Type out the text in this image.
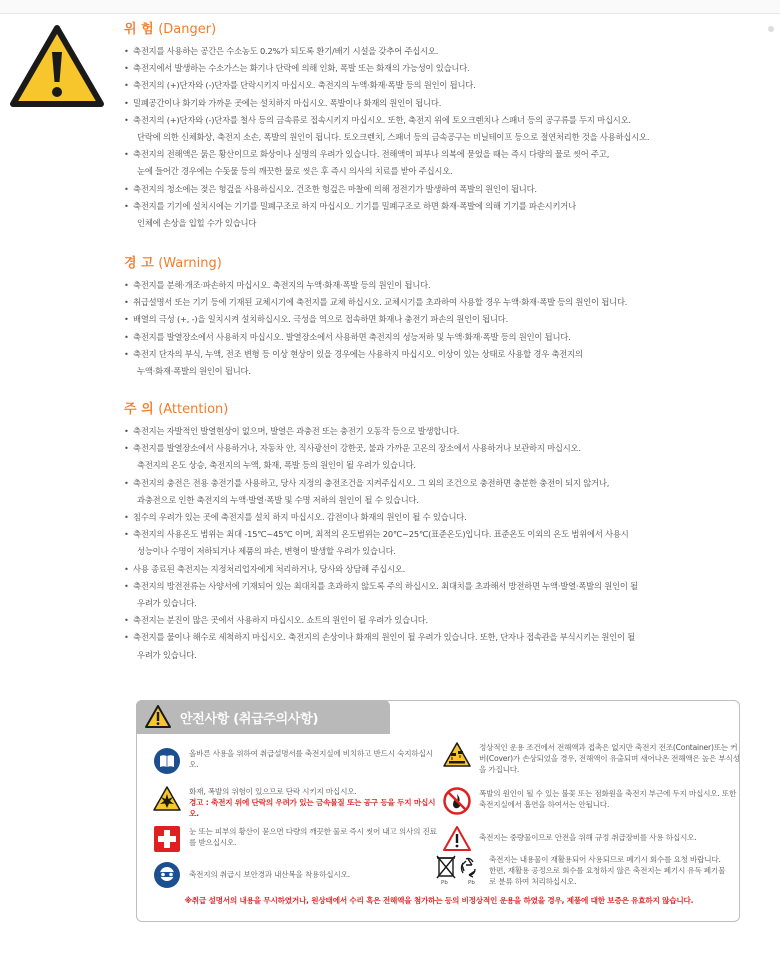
위 험 (Danger)
• 축전지를 사용하는 공간은 수소농도 0.2%가 되도록 환기/배기 시설을 갖추어 주십시오.
• 축전지에서 발생하는 수소가스는 화기나 단락에 의해 인화, 폭발 또는 화재의 가능성이 있습니다.
• 축전지의 (+)단자와 (-)단자를 단락시키지 마십시오. 축전지의 누액·화재·폭발 등의 원인이 됩니다.
• 밀폐공간이나 화기와 가까운 곳에는 설치하지 마십시오. 폭발이나 화재의 원인이 됩니다.
• 축전지의 (+)단자와 (-)단자를 철사 등의 금속류로 접속시키지 마십시오. 또한, 축전지 위에 토오크렌치나 스패너 등의 공구류를 두지 마십시오.
단락에 의한 신체화상, 축전지 소손, 폭발의 원인이 됩니다. 토오크렌치, 스패너 등의 금속공구는 비닐테이프 등으로 절연처리한 것을 사용하십시오.
• 축전지의 전해액은 묽은 황산이므로 화상이나 실명의 우려가 있습니다. 전해액이 피부나 의복에 묻었을 때는 즉시 다량의 물로 씻어 주고,
눈에 들어간 경우에는 수돗물 등의 깨끗한 물로 씻은 후 즉시 의사의 치료를 받아 주십시오.
• 축전지의 청소에는 젖은 헝겊을 사용하십시오. 건조한 헝겊은 마찰에 의해 정전기가 발생하여 폭발의 원인이 됩니다.
• 축전지를 기기에 설치시에는 기기를 밀폐구조로 하지 마십시오. 기기를 밀폐구조로 하면 화재·폭발에 의해 기기를 파손시키거나
인체에 손상을 입힐 수가 있습니다
경 고 (Warning)
• 축전지를 분해·개조·파손하지 마십시오. 축전지의 누액·화재·폭발 등의 원인이 됩니다.
• 취급설명서 또는 기기 등에 기재된 교체시기에 축전지를 교체 하십시오. 교체시기를 초과하여 사용할 경우 누액·화재·폭발 등의 원인이 됩니다.
• 배열의 극성 (+, -)을 일치시켜 설치하십시오. 극성을 역으로 접속하면 화재나 충전기 파손의 원인이 됩니다.
• 축전지를 발열장소에서 사용하지 마십시오. 발열장소에서 사용하면 축전지의 성능저하 및 누액·화재·폭발 등의 원인이 됩니다.
• 축전지 단자의 부식, 누액, 전조 변형 등 이상 현상이 있을 경우에는 사용하지 마십시오. 이상이 있는 상태로 사용할 경우 축전지의
누액·화재·폭발의 원인이 됩니다.
주 의 (Attention)
• 축전지는 자발적인 발열현상이 없으며, 발열은 과충전 또는 충전기 오동작 등으로 발생합니다.
• 축전지를 발열장소에서 사용하거나, 자동차 안, 직사광선이 강한곳, 불과 가까운 고온의 장소에서 사용하거나 보관하지 마십시오.
축전지의 온도 상승, 축전지의 누액, 화재, 폭발 등의 원인이 될 우려가 있습니다.
• 축전지의 충전은 전용 충전기를 사용하고, 당사 지정의 충전조건을 지켜주십시오. 그 외의 조건으로 충전하면 충분한 충전이 되지 않거나,
과충전으로 인한 축전지의 누액·발열·폭발 및 수명 저하의 원인이 될 수 있습니다.
• 침수의 우려가 있는 곳에 축전지를 설치 하지 마십시오. 감전이나 화재의 원인이 될 수 있습니다.
• 축전지의 사용온도 범위는 최대 -15℃~45℃ 이며, 최적의 온도범위는 20℃~25℃(표준온도)입니다. 표준온도 이외의 온도 범위에서 사용시
성능이나 수명이 저하되거나 제품의 파손, 변형이 발생할 우려가 있습니다.
• 사용 종료된 축전지는 지정처리업자에게 처리하거나, 당사와 상담해 주십시오.
• 축전지의 방전전류는 사양서에 기재되어 있는 최대치를 초과하지 않도록 주의 하십시오. 최대치를 초과해서 방전하면 누액·발열·폭발의 원인이 될
우려가 있습니다.
• 축전지는 분진이 많은 곳에서 사용하지 마십시오. 쇼트의 원인이 될 우려가 있습니다.
• 축전지를 물이나 해수로 세척하지 마십시오. 축전지의 손상이나 화재의 원인이 될 우려가 있습니다. 또한, 단자나 접속관을 부식시키는 원인이 될
우려가 있습니다.
안전사항 (취급주의사항)
올바른 사용을 위하여 취급설명서를 축전지실에 비치하고 반드시 숙지하십시오.
정상적인 운용 조건에서 전해액과 접촉은 없지만 축전지 전조(Container)또는 커버(Cover)가 손상되었을 경우, 전해액이 유출되며 새어나온 전해액은 높은 부식성을 가집니다.
화재, 폭발의 위험이 있으므로 단락 시키지 마십시오.
경고 : 축전지 위에 단락의 우려가 있는 금속물질 또는 공구 등을 두지 마십시오.
폭발의 원인이 될 수 있는 불꽃 또는 점화원을 축전지 부근에 두지 마십시오. 또한 축전지실에서 흡연을 하여서는 안됩니다.
눈 또는 피부의 황산이 묻으면 다량의 깨끗한 물로 즉시 씻어 내고 의사의 진료를 받으십시오.
축전지는 중량물이므로 안전을 위해 규정 취급장비를 사용 하십시오.
축전지의 취급시 보안경과 내산복을 착용하십시오.
Pb	Pb
축전지는 내용물이 재활용되어 사용되므로 폐기시 회수를 요청 바랍니다. 한편, 재활용 공정으로 회수를 요청하지 않은 축전지는 폐기시 유독 폐기물로 분류 하여 처리하십시오.
※취급 설명서의 내용을 무시하였거나, 원상태에서 수리 혹은 전해액을 첨가하는 등의 비정상적인 운용을 하였을 경우, 제품에 대한 보증은 유효하지 않습니다.
